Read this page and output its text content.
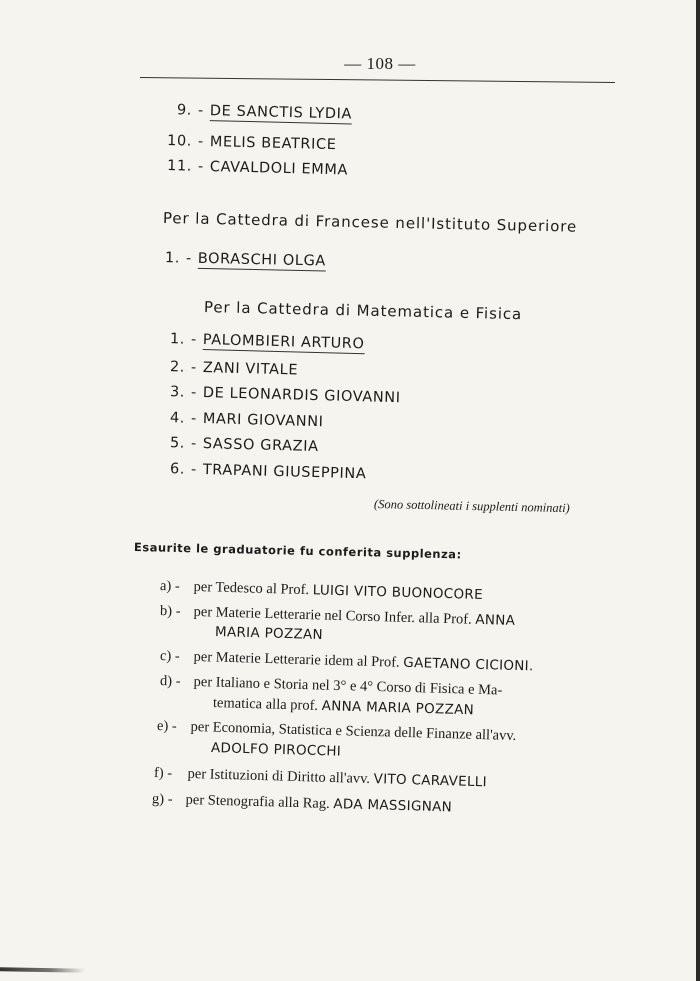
— 108 —
9. - DE SANCTIS LYDIA
10. - MELIS BEATRICE
11. - CAVALDOLI EMMA
Per la Cattedra di Francese nell'Istituto Superiore
1. - BORASCHI OLGA
Per la Cattedra di Matematica e Fisica
1. - PALOMBIERI ARTURO
2. - ZANI VITALE
3. - DE LEONARDIS GIOVANNI
4. - MARI GIOVANNI
5. - SASSO GRAZIA
6. - TRAPANI GIUSEPPINA
(Sono sottolineati i supplenti nominati)
Esaurite le graduatorie fu conferita supplenza:
a) - per Tedesco al Prof. LUIGI VITO BUONOCORE
b) - per Materie Letterarie nel Corso Infer. alla Prof. ANNA
MARIA POZZAN
c) - per Materie Letterarie idem al Prof. GAETANO CICIONI.
d) - per Italiano e Storia nel 3° e 4° Corso di Fisica e Ma-
tematica alla prof. ANNA MARIA POZZAN
e) - per Economia, Statistica e Scienza delle Finanze all'avv.
ADOLFO PIROCCHI
f) - per Istituzioni di Diritto all'avv. VITO CARAVELLI
g) - per Stenografia alla Rag. ADA MASSIGNAN
